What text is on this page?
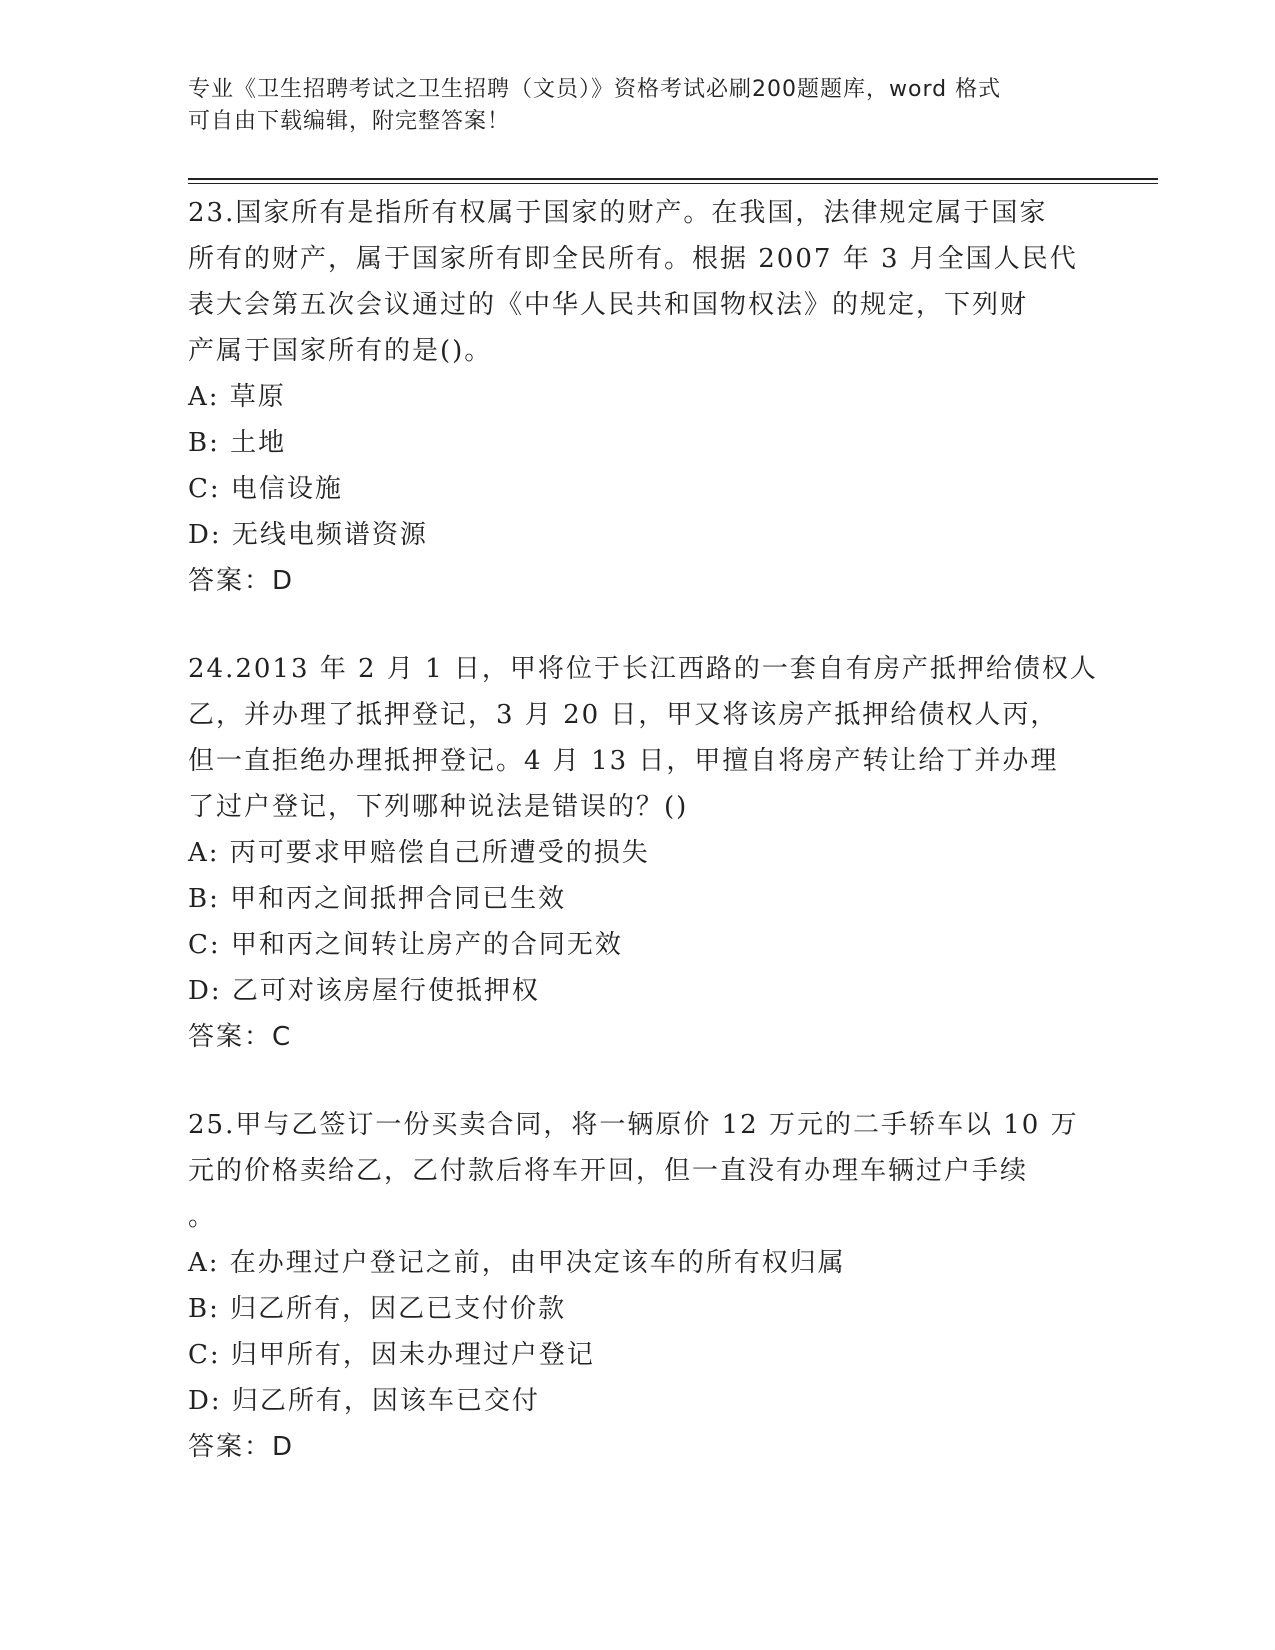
专业《卫生招聘考试之卫生招聘（文员）》资格考试必刷200题题库，word 格式
可自由下载编辑，附完整答案！
23.国家所有是指所有权属于国家的财产。在我国，法律规定属于国家
所有的财产，属于国家所有即全民所有。根据 2007 年 3 月全国人民代
表大会第五次会议通过的《中华人民共和国物权法》的规定，下列财
产属于国家所有的是()。
A: 草原
B: 土地
C: 电信设施
D: 无线电频谱资源
答案：D
24.2013 年 2 月 1 日，甲将位于长江西路的一套自有房产抵押给债权人
乙，并办理了抵押登记，3 月 20 日，甲又将该房产抵押给债权人丙，
但一直拒绝办理抵押登记。4 月 13 日，甲擅自将房产转让给丁并办理
了过户登记，下列哪种说法是错误的？()
A: 丙可要求甲赔偿自己所遭受的损失
B: 甲和丙之间抵押合同已生效
C: 甲和丙之间转让房产的合同无效
D: 乙可对该房屋行使抵押权
答案：C
25.甲与乙签订一份买卖合同，将一辆原价 12 万元的二手轿车以 10 万
元的价格卖给乙，乙付款后将车开回，但一直没有办理车辆过户手续
。
A: 在办理过户登记之前，由甲决定该车的所有权归属
B: 归乙所有，因乙已支付价款
C: 归甲所有，因未办理过户登记
D: 归乙所有，因该车已交付
答案：D
